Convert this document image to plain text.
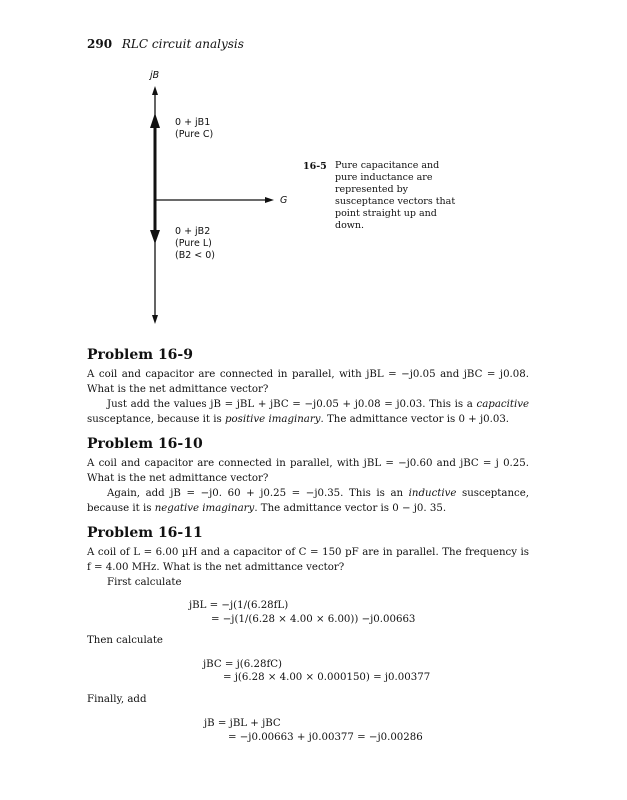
290 RLC circuit analysis
jB
G
0 + jB1
(Pure C)
0 + jB2
(Pure L)
(B2 < 0)
16-5 Pure capacitance and pure inductance are represented by susceptance vectors that point straight up and down.
Problem 16-9

A coil and capacitor are connected in parallel, with jBL = −j0.05 and jBC = j0.08. What is the net admittance vector?

Just add the values jB = jBL + jBC = −j0.05 + j0.08 = j0.03. This is a capacitive susceptance, because it is positive imaginary. The admittance vector is 0 + j0.03.

Problem 16-10

A coil and capacitor are connected in parallel, with jBL = −j0.60 and jBC = j 0.25. What is the net admittance vector?

Again, add jB = −j0. 60 + j0.25 = −j0.35. This is an inductive susceptance, because it is negative imaginary. The admittance vector is 0 − j0. 35.

Problem 16-11

A coil of L = 6.00 µH and a capacitor of C = 150 pF are in parallel. The frequency is f = 4.00 MHz. What is the net admittance vector?

First calculate
jBL = −j(1/(6.28fL)
= −j(1/(6.28 × 4.00 × 6.00)) −j0.00663
Then calculate
jBC = j(6.28fC)
= j(6.28 × 4.00 × 0.000150) = j0.00377
Finally, add
jB = jBL + jBC
= −j0.00663 + j0.00377 = −j0.00286
